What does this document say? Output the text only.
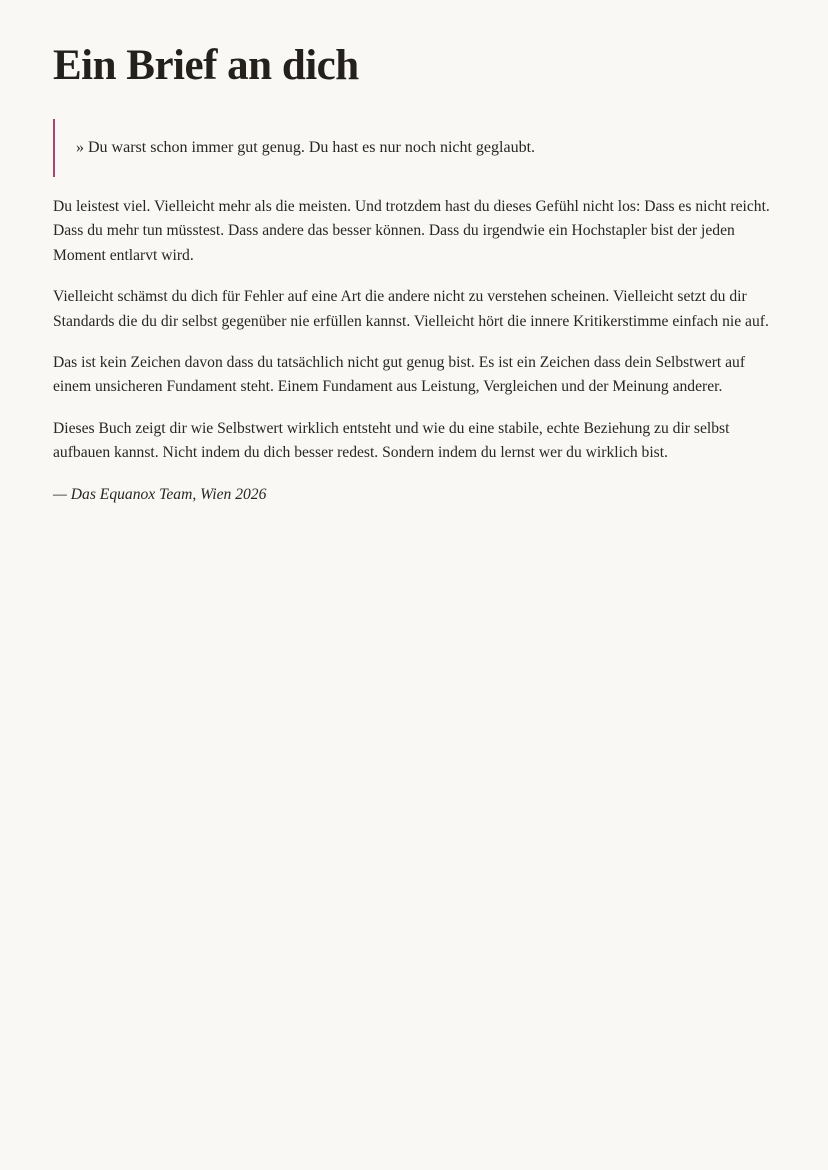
Ein Brief an dich

» Du warst schon immer gut genug. Du hast es nur noch nicht geglaubt.

Du leistest viel. Vielleicht mehr als die meisten. Und trotzdem hast du dieses Gefühl nicht los: Dass es nicht reicht. Dass du mehr tun müsstest. Dass andere das besser können. Dass du irgendwie ein Hochstapler bist der jeden Moment entlarvt wird.

Vielleicht schämst du dich für Fehler auf eine Art die andere nicht zu verstehen scheinen. Vielleicht setzt du dir Standards die du dir selbst gegenüber nie erfüllen kannst. Vielleicht hört die innere Kritikerstimme einfach nie auf.

Das ist kein Zeichen davon dass du tatsächlich nicht gut genug bist. Es ist ein Zeichen dass dein Selbstwert auf einem unsicheren Fundament steht. Einem Fundament aus Leistung, Vergleichen und der Meinung anderer.

Dieses Buch zeigt dir wie Selbstwert wirklich entsteht und wie du eine stabile, echte Beziehung zu dir selbst aufbauen kannst. Nicht indem du dich besser redest. Sondern indem du lernst wer du wirklich bist.

— Das Equanox Team, Wien 2026
